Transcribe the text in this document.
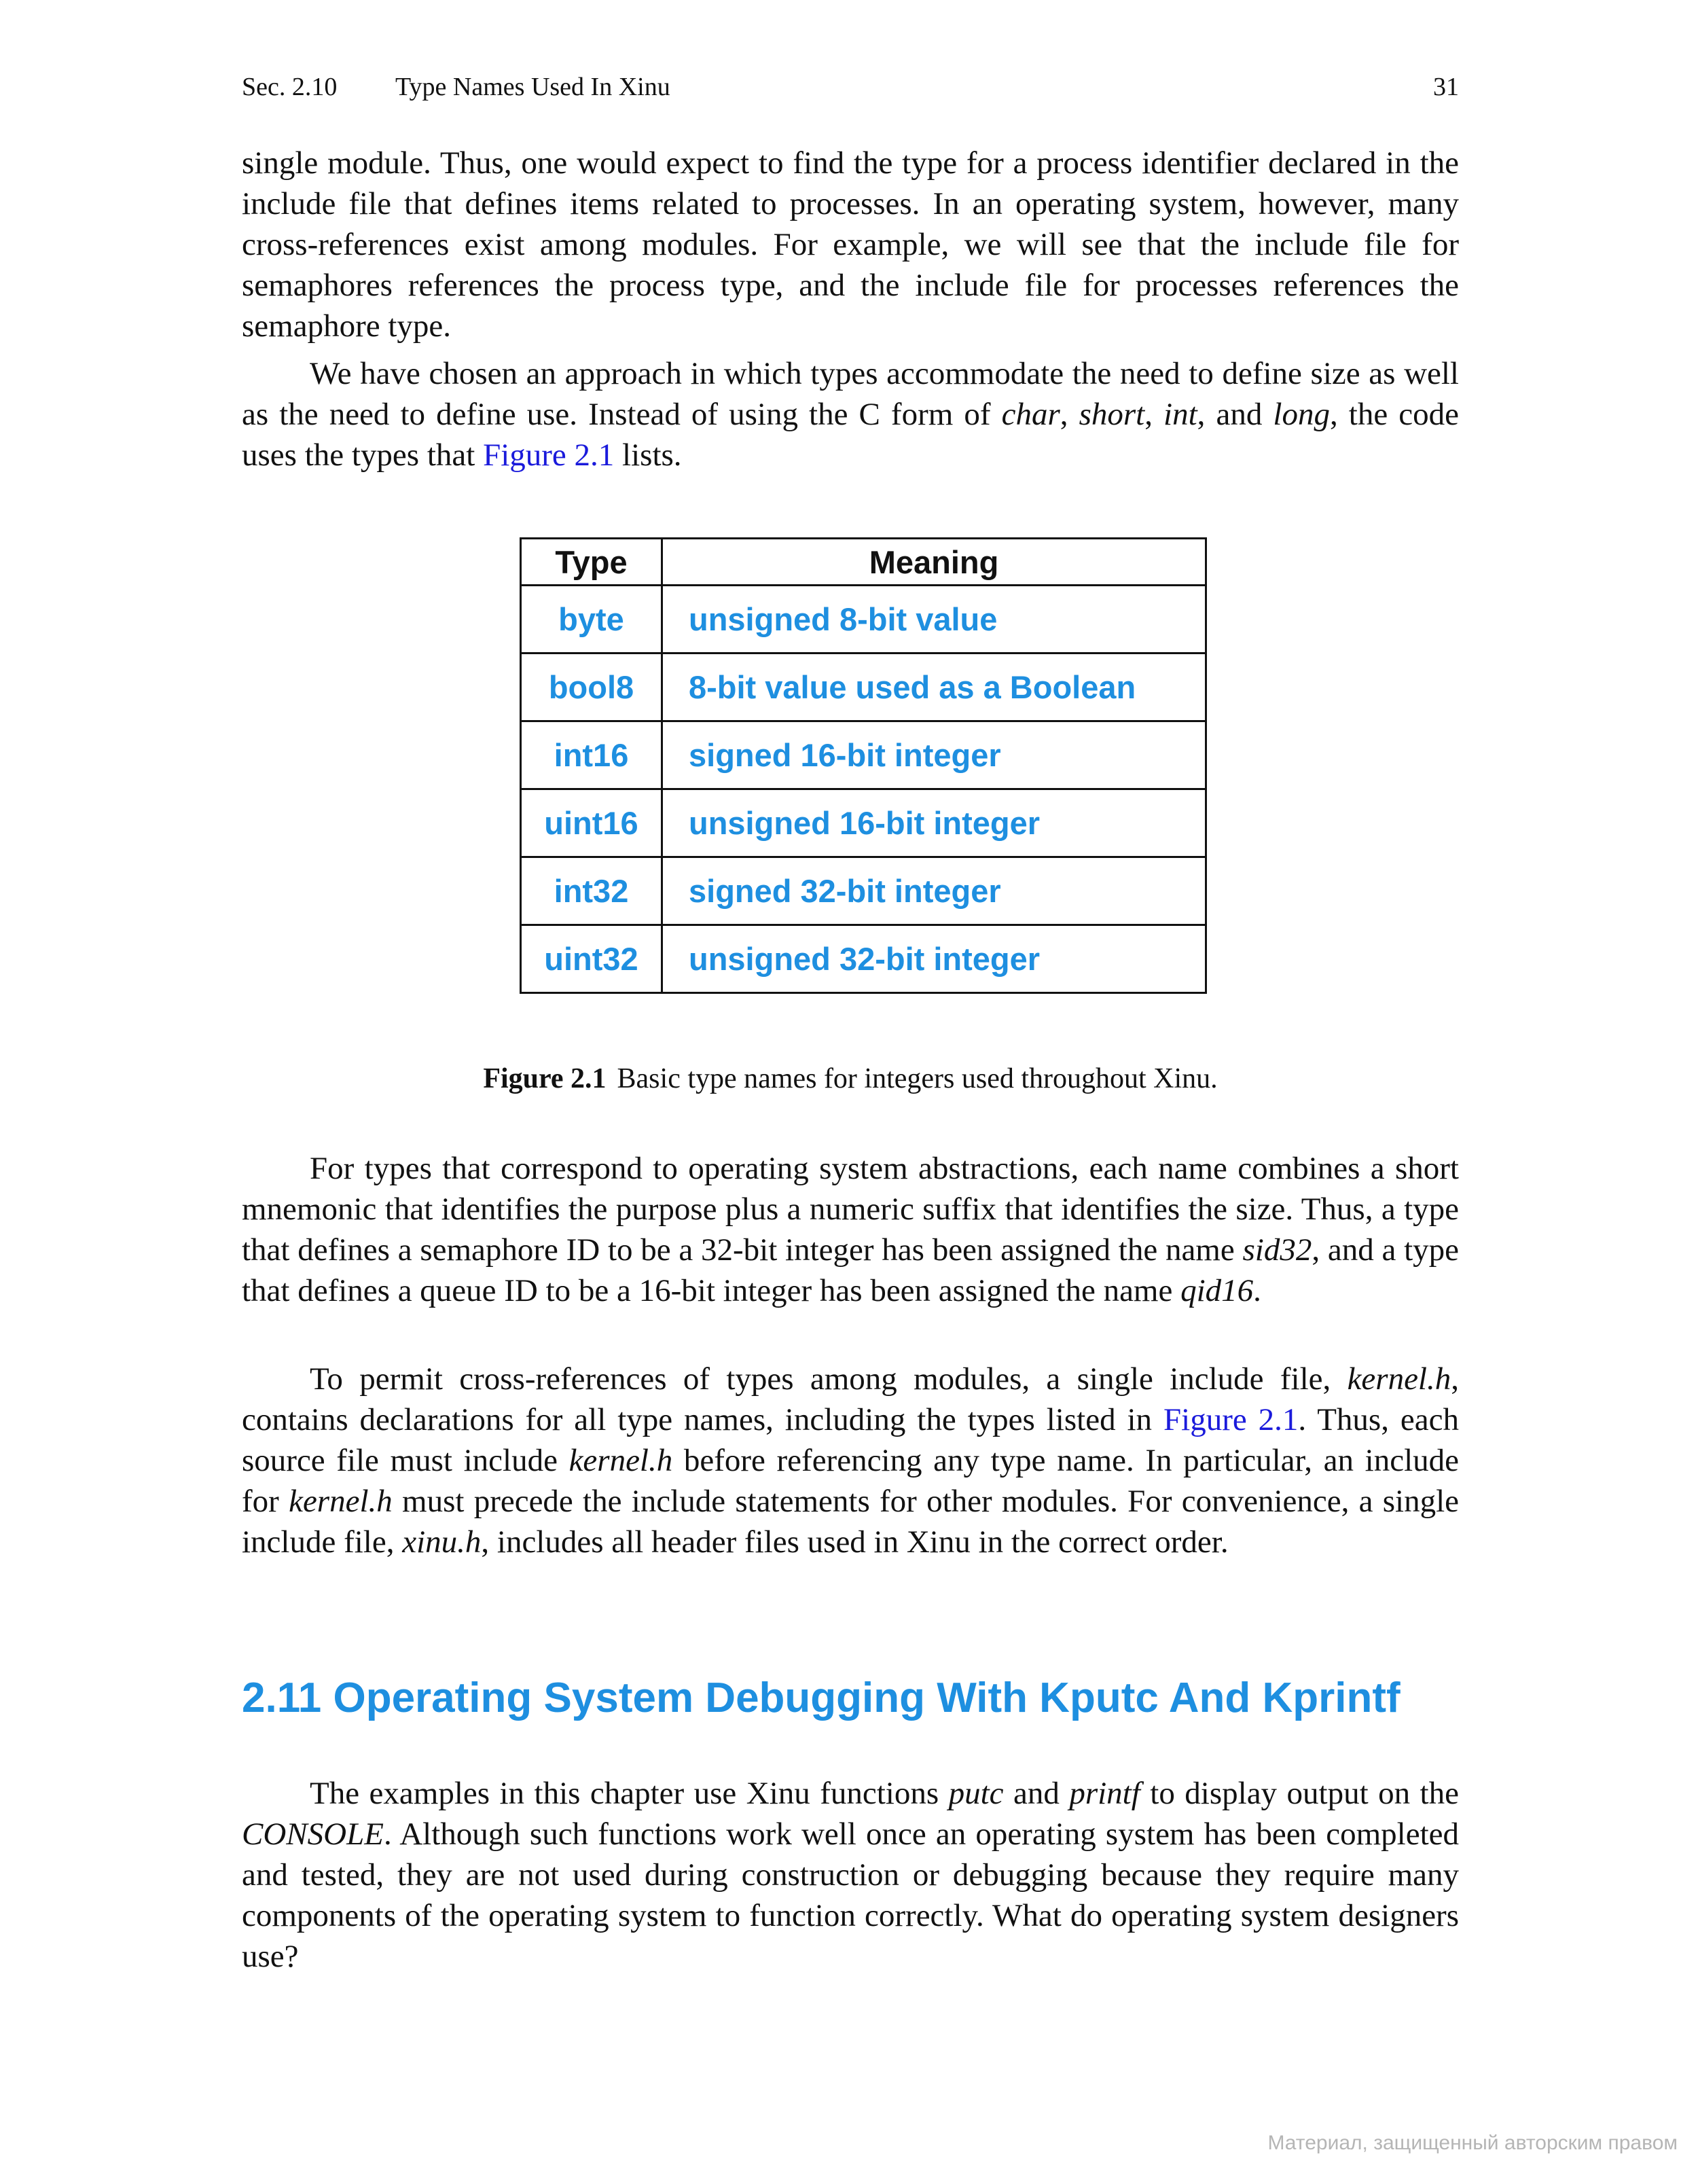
Sec. 2.10 Type Names Used In Xinu	31

single module. Thus, one would expect to find the type for a process identifier declared in the include file that defines items related to processes. In an operating system, however, many cross-references exist among modules. For example, we will see that the include file for semaphores references the process type, and the include file for processes references the semaphore type.

We have chosen an approach in which types accommodate the need to define size as well as the need to define use. Instead of using the C form of char, short, int, and long, the code uses the types that Figure 2.1 lists.

Type	Meaning
byte	unsigned 8-bit value
bool8	8-bit value used as a Boolean
int16	signed 16-bit integer
uint16	unsigned 16-bit integer
int32	signed 32-bit integer
uint32	unsigned 32-bit integer
Figure 2.1 Basic type names for integers used throughout Xinu.

For types that correspond to operating system abstractions, each name combines a short mnemonic that identifies the purpose plus a numeric suffix that identifies the size. Thus, a type that defines a semaphore ID to be a 32-bit integer has been assigned the name sid32, and a type that defines a queue ID to be a 16-bit integer has been assigned the name qid16.

To permit cross-references of types among modules, a single include file, kernel.h, contains declarations for all type names, including the types listed in Figure 2.1. Thus, each source file must include kernel.h before referencing any type name. In particular, an include for kernel.h must precede the include statements for other modules. For convenience, a single include file, xinu.h, includes all header files used in Xinu in the correct order.

2.11 Operating System Debugging With Kputc And Kprintf

The examples in this chapter use Xinu functions putc and printf to display output on the CONSOLE. Although such functions work well once an operating system has been completed and tested, they are not used during construction or debugging because they require many components of the operating system to function correctly. What do operating system designers use?

Материал, защищенный авторским правом
